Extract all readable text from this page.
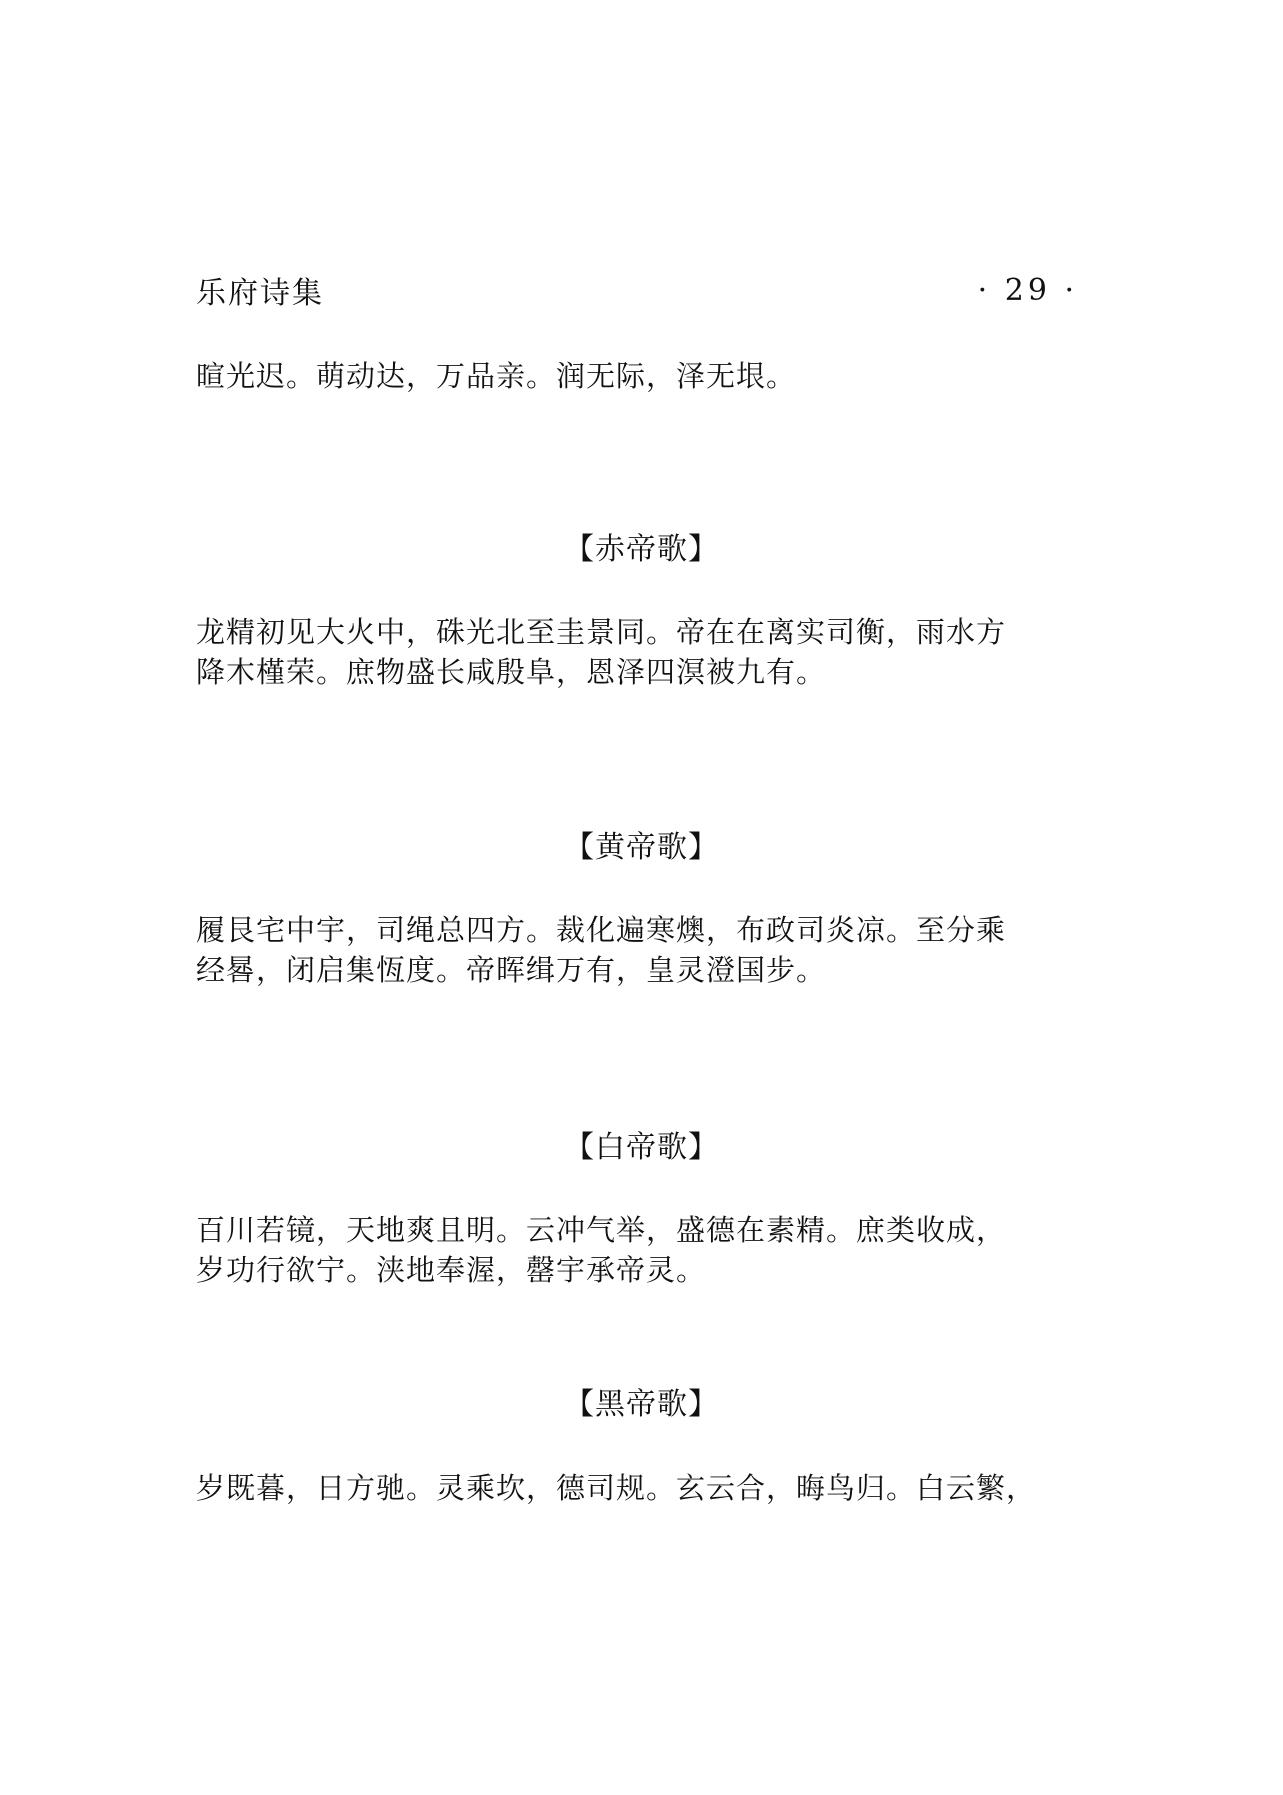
乐府诗集	· 29 ·

暄光迟。萌动达，万品亲。润无际，泽无垠。

【赤帝歌】

龙精初见大火中，硃光北至圭景同。帝在在离实司衡，雨水方
降木槿荣。庶物盛长咸殷阜，恩泽四溟被九有。

【黄帝歌】

履艮宅中宇，司绳总四方。裁化遍寒燠，布政司炎凉。至分乘
经晷，闭启集恆度。帝晖缉万有，皇灵澄国步。

【白帝歌】

百川若镜，天地爽且明。云冲气举，盛德在素精。庶类收成，
岁功行欲宁。浃地奉渥，罄宇承帝灵。

【黑帝歌】

岁既暮，日方驰。灵乘坎，德司规。玄云合，晦鸟归。白云繁，
